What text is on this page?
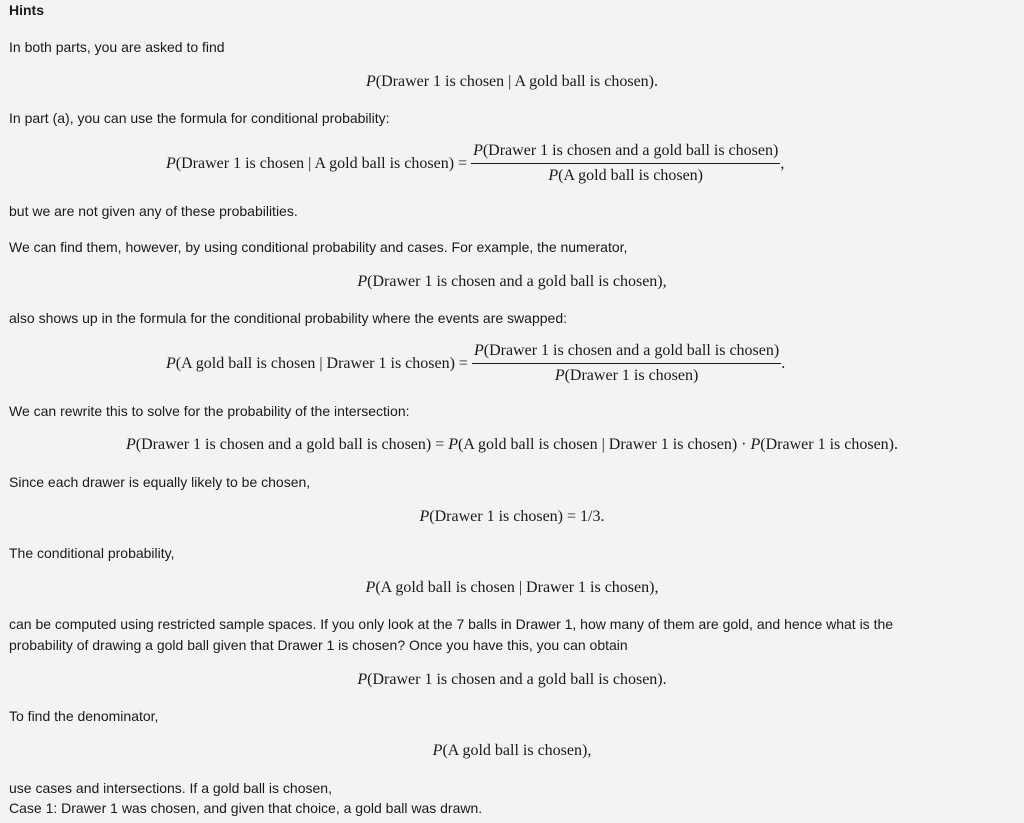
Hints
In both parts, you are asked to find
P(Drawer 1 is chosen | A gold ball is chosen).
In part (a), you can use the formula for conditional probability:
P(Drawer 1 is chosen | A gold ball is chosen) = $\frac{\text{P(Drawer 1 is chosen and a gold ball is chosen)}}{\text{P(A gold ball is chosen)}}$ ,
but we are not given any of these probabilities.
We can find them, however, by using conditional probability and cases. For example, the numerator,
P(Drawer 1 is chosen and a gold ball is chosen),
also shows up in the formula for the conditional probability where the events are swapped:
P(A gold ball is chosen | Drawer 1 is chosen) = $\frac{\text{P(Drawer 1 is chosen and a gold ball is chosen)}}{\text{P(Drawer 1 is chosen)}}$ .
We can rewrite this to solve for the probability of the intersection:
P(Drawer 1 is chosen and a gold ball is chosen) = P(A gold ball is chosen | Drawer 1 is chosen) · P(Drawer 1 is chosen).
Since each drawer is equally likely to be chosen,
P(Drawer 1 is chosen) = 1/3.
The conditional probability,
P(A gold ball is chosen | Drawer 1 is chosen),
can be computed using restricted sample spaces. If you only look at the 7 balls in Drawer 1, how many of them are gold, and hence what is the
probability of drawing a gold ball given that Drawer 1 is chosen? Once you have this, you can obtain
P(Drawer 1 is chosen and a gold ball is chosen).
To find the denominator,
P(A gold ball is chosen),
use cases and intersections. If a gold ball is chosen,
Case 1: Drawer 1 was chosen, and given that choice, a gold ball was drawn.
